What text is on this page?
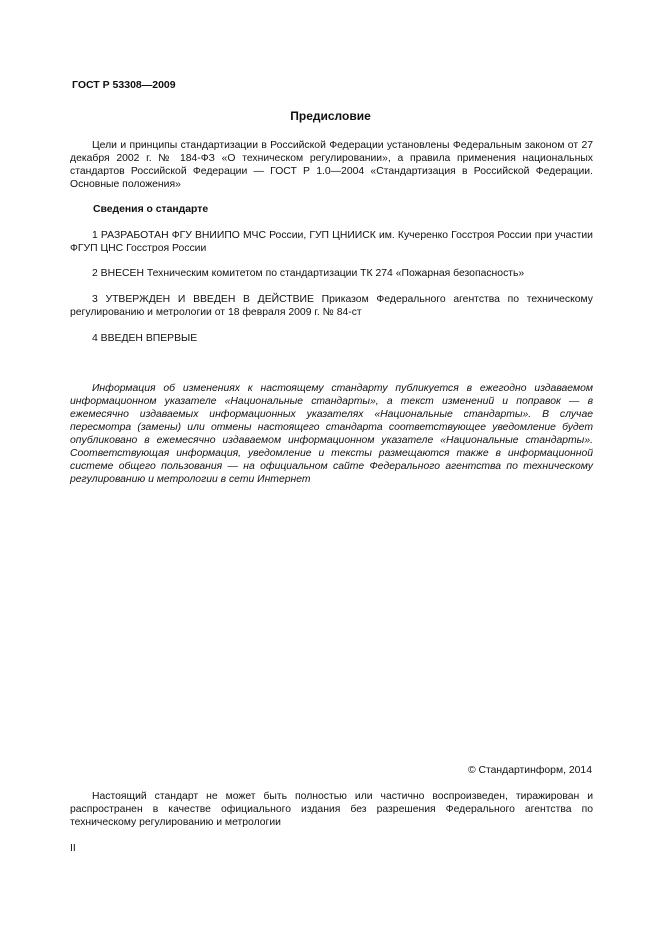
ГОСТ Р 53308—2009
Предисловие
Цели и принципы стандартизации в Российской Федерации установлены Федеральным законом от 27 декабря 2002 г. № 184-ФЗ «О техническом регулировании», а правила применения национальных стандартов Российской Федерации — ГОСТ Р 1.0—2004 «Стандартизация в Российской Федерации. Основные положения»
Сведения о стандарте
1 РАЗРАБОТАН ФГУ ВНИИПО МЧС России, ГУП ЦНИИСК им. Кучеренко Госстроя России при участии ФГУП ЦНС Госстроя России
2 ВНЕСЕН Техническим комитетом по стандартизации ТК 274 «Пожарная безопасность»
3 УТВЕРЖДЕН И ВВЕДЕН В ДЕЙСТВИЕ Приказом Федерального агентства по техническому регулированию и метрологии от 18 февраля 2009 г. № 84-ст
4 ВВЕДЕН ВПЕРВЫЕ
Информация об изменениях к настоящему стандарту публикуется в ежегодно издаваемом информационном указателе «Национальные стандарты», а текст изменений и поправок — в ежемесячно издаваемых информационных указателях «Национальные стандарты». В случае пересмотра (замены) или отмены настоящего стандарта соответствующее уведомление будет опубликовано в ежемесячно издаваемом информационном указателе «Национальные стандарты». Соответствующая информация, уведомление и тексты размещаются также в информационной системе общего пользования — на официальном сайте Федерального агентства по техническому регулированию и метрологии в сети Интернет
© Стандартинформ, 2014
Настоящий стандарт не может быть полностью или частично воспроизведен, тиражирован и распространен в качестве официального издания без разрешения Федерального агентства по техническому регулированию и метрологии
II
